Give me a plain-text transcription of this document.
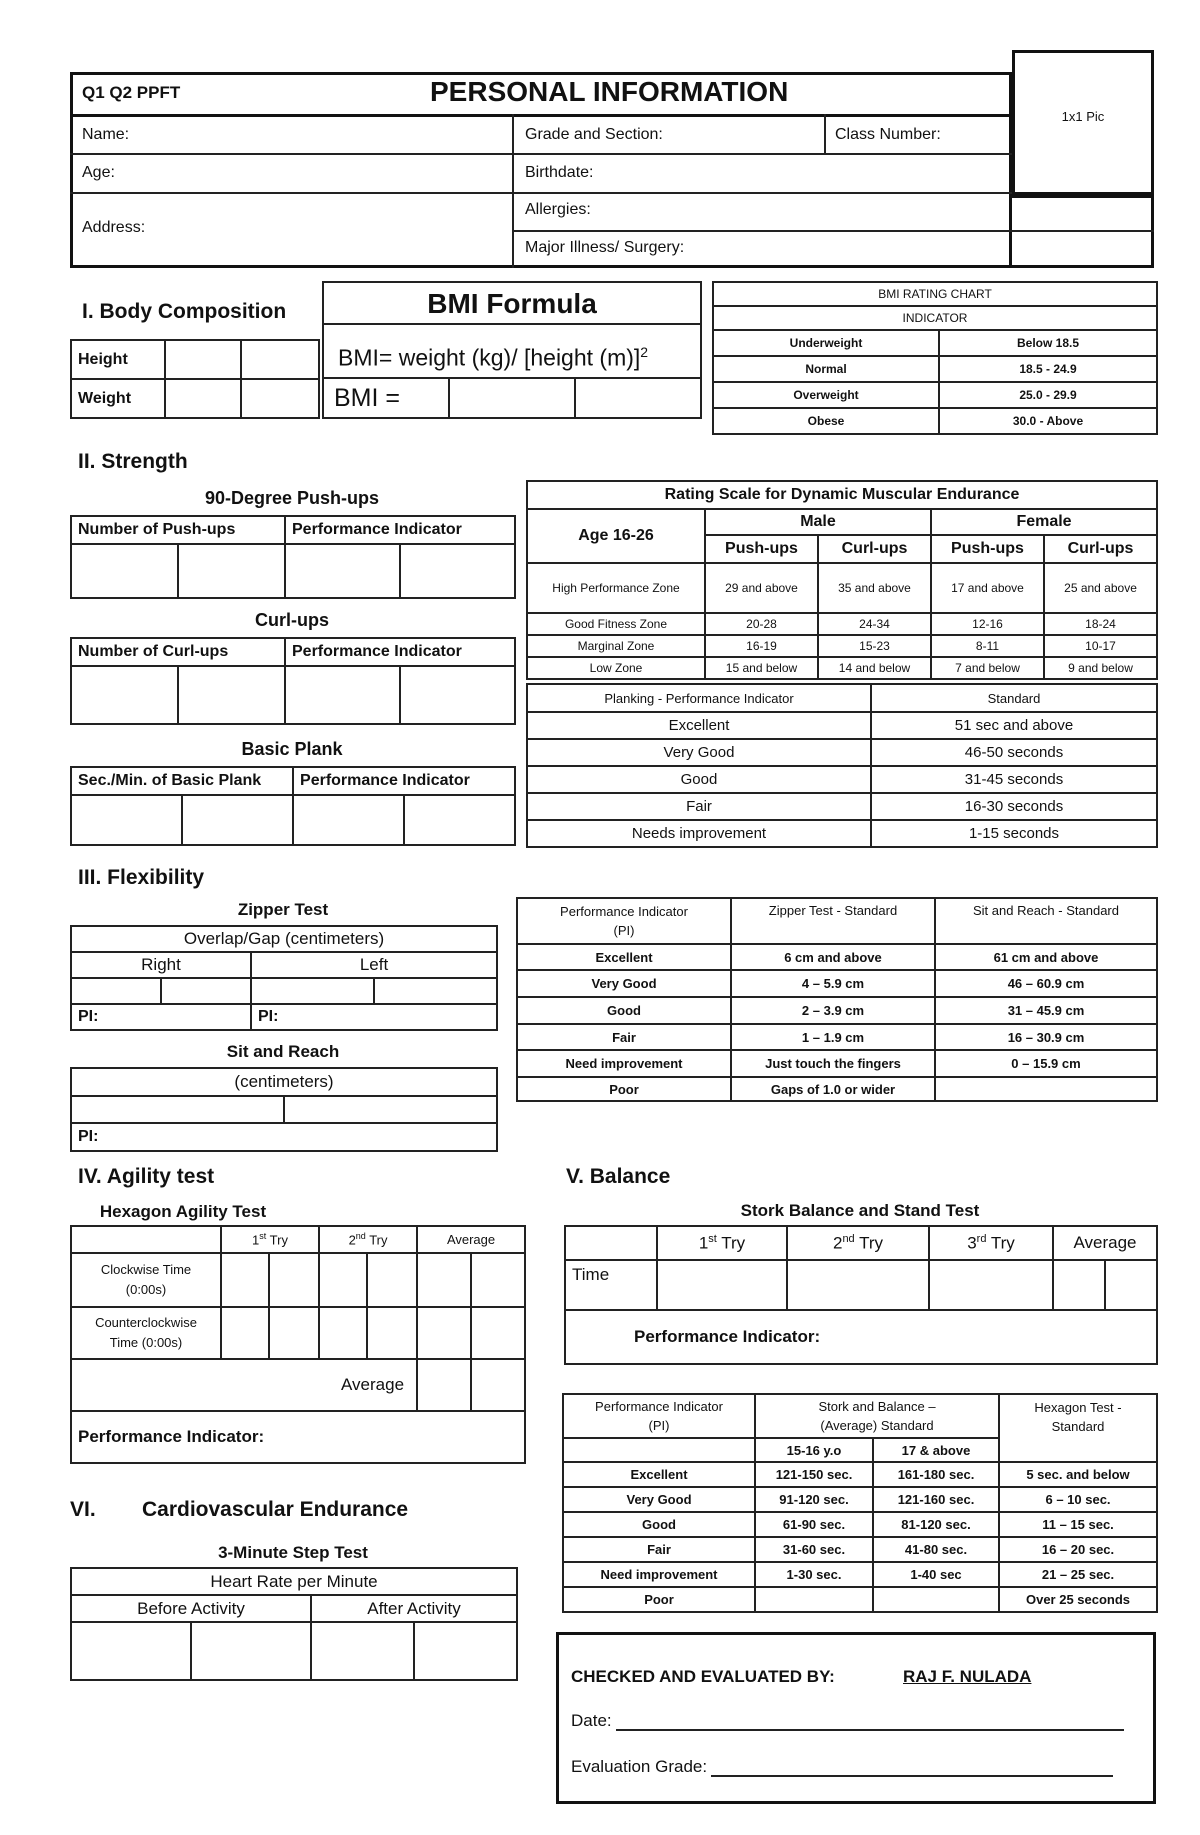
1x1 Pic
Q1 Q2 PPFT	PERSONAL INFORMATION
Name:	Grade and Section:	Class Number:
Age:	Birthdate:
Address:
Allergies:
Major Illness/ Surgery:
I. Body Composition
Height		
Weight		
BMI Formula
BMI= weight (kg)/ [height (m)]$^2$
BMI =
BMI RATING CHART	
INDICATOR	
Underweight	Below 18.5
Normal	18.5 - 24.9
Overweight	25.0 - 29.9
Obese	30.0 - Above
II. Strength
90-Degree Push-ups
Number of Push-ups		Performance Indicator	

Curl-ups
Number of Curl-ups		Performance Indicator	

Basic Plank
Sec./Min. of Basic Plank		Performance Indicator	

Rating Scale for Dynamic Muscular Endurance				
Age 16-26	Male		Female	
	Push-ups	Curl-ups	Push-ups	Curl-ups
High Performance Zone	29 and above	35 and above	17 and above	25 and above
Good Fitness Zone	20-28	24-34	12-16	18-24
Marginal Zone	16-19	15-23	8-11	10-17
Low Zone	15 and below	14 and below	7 and below	9 and below
Planking - Performance Indicator	Standard
Excellent	51 sec and above
Very Good	46-50 seconds
Good	31-45 seconds
Fair	16-30 seconds
Needs improvement	1-15 seconds
III. Flexibility
Zipper Test
Overlap/Gap (centimeters)			
Right		Left	

PI:		PI:	
Sit and Reach
(centimeters)

PI:
Performance Indicator
(PI)	Zipper Test - Standard	Sit and Reach - Standard
Excellent	6 cm and above	61 cm and above
Very Good	4 – 5.9 cm	46 – 60.9 cm
Good	2 – 3.9 cm	31 – 45.9 cm
Fair	1 – 1.9 cm	16 – 30.9 cm
Need improvement	Just touch the fingers	0 – 15.9 cm
Poor	Gaps of 1.0 or wider	
IV. Agility test
Hexagon Agility Test
	1st Try		2nd Try		Average	
Clockwise Time
(0:00s)						
Counterclockwise
Time (0:00s)						
Average						
Performance Indicator:						
VI. Cardiovascular Endurance
3-Minute Step Test
Heart Rate per Minute			
Before Activity		After Activity	

V. Balance
Stork Balance and Stand Test
	1st Try	2nd Try	3rd Try	Average	
Time					
Performance Indicator:					
Performance Indicator
(PI)	Stork and Balance –
(Average) Standard		Hexagon Test -
Standard
	15-16 y.o	17 & above	
Excellent	121-150 sec.	161-180 sec.	5 sec. and below
Very Good	91-120 sec.	121-160 sec.	6 – 10 sec.
Good	61-90 sec.	81-120 sec.	11 – 15 sec.
Fair	31-60 sec.	41-80 sec.	16 – 20 sec.
Need improvement	1-30 sec.	1-40 sec	21 – 25 sec.
Poor			Over 25 seconds
CHECKED AND EVALUATED BY:	RAJ F. NULADA
Date:
Evaluation Grade:
